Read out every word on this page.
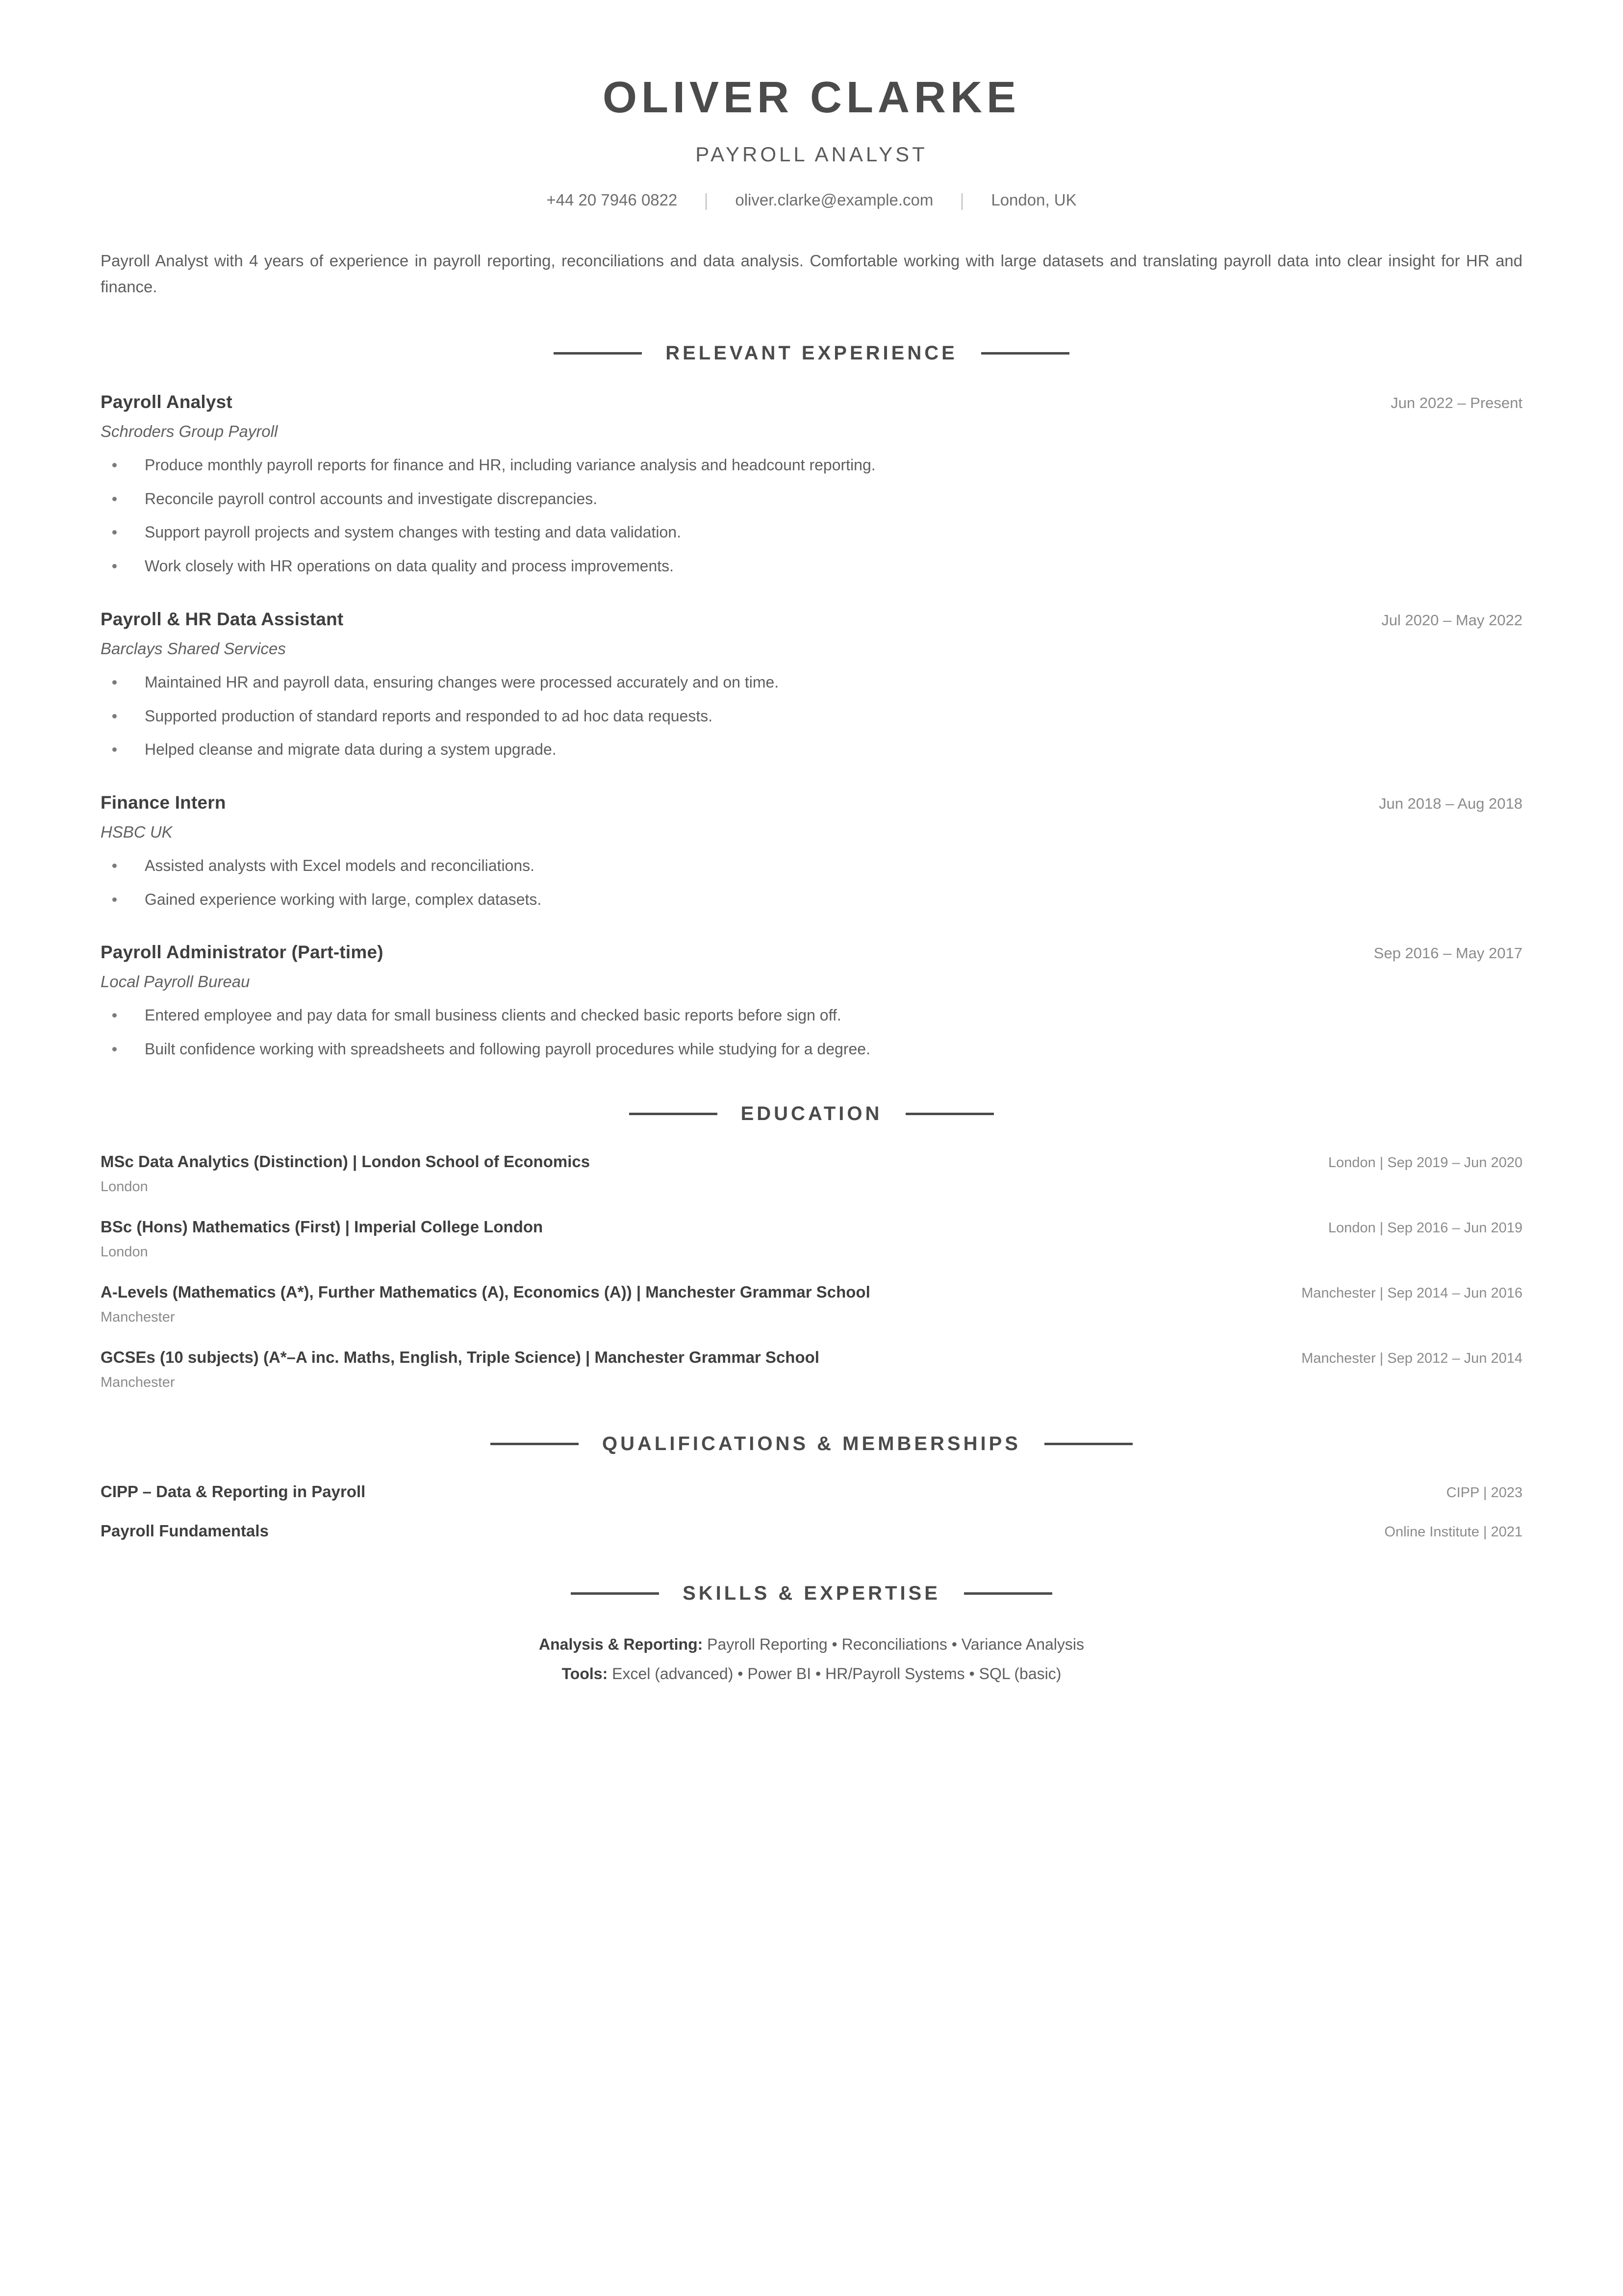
OLIVER CLARKE
PAYROLL ANALYST
+44 20 7946 0822	oliver.clarke@example.com	London, UK
Payroll Analyst with 4 years of experience in payroll reporting, reconciliations and data analysis. Comfortable working with large datasets and translating payroll data into clear insight for HR and finance.
RELEVANT EXPERIENCE
Payroll Analyst	Jun 2022 – Present
Schroders Group Payroll
Produce monthly payroll reports for finance and HR, including variance analysis and headcount reporting.
Reconcile payroll control accounts and investigate discrepancies.
Support payroll projects and system changes with testing and data validation.
Work closely with HR operations on data quality and process improvements.
Payroll & HR Data Assistant	Jul 2020 – May 2022
Barclays Shared Services
Maintained HR and payroll data, ensuring changes were processed accurately and on time.
Supported production of standard reports and responded to ad hoc data requests.
Helped cleanse and migrate data during a system upgrade.
Finance Intern	Jun 2018 – Aug 2018
HSBC UK
Assisted analysts with Excel models and reconciliations.
Gained experience working with large, complex datasets.
Payroll Administrator (Part-time)	Sep 2016 – May 2017
Local Payroll Bureau
Entered employee and pay data for small business clients and checked basic reports before sign off.
Built confidence working with spreadsheets and following payroll procedures while studying for a degree.
EDUCATION
MSc Data Analytics (Distinction) | London School of Economics	London | Sep 2019 – Jun 2020
London
BSc (Hons) Mathematics (First) | Imperial College London	London | Sep 2016 – Jun 2019
London
A-Levels (Mathematics (A*), Further Mathematics (A), Economics (A)) | Manchester Grammar School	Manchester | Sep 2014 – Jun 2016
Manchester
GCSEs (10 subjects) (A*–A inc. Maths, English, Triple Science) | Manchester Grammar School	Manchester | Sep 2012 – Jun 2014
Manchester
QUALIFICATIONS & MEMBERSHIPS
CIPP – Data & Reporting in Payroll	CIPP | 2023
Payroll Fundamentals	Online Institute | 2021
SKILLS & EXPERTISE
Analysis & Reporting: Payroll Reporting • Reconciliations • Variance Analysis
Tools: Excel (advanced) • Power BI • HR/Payroll Systems • SQL (basic)
